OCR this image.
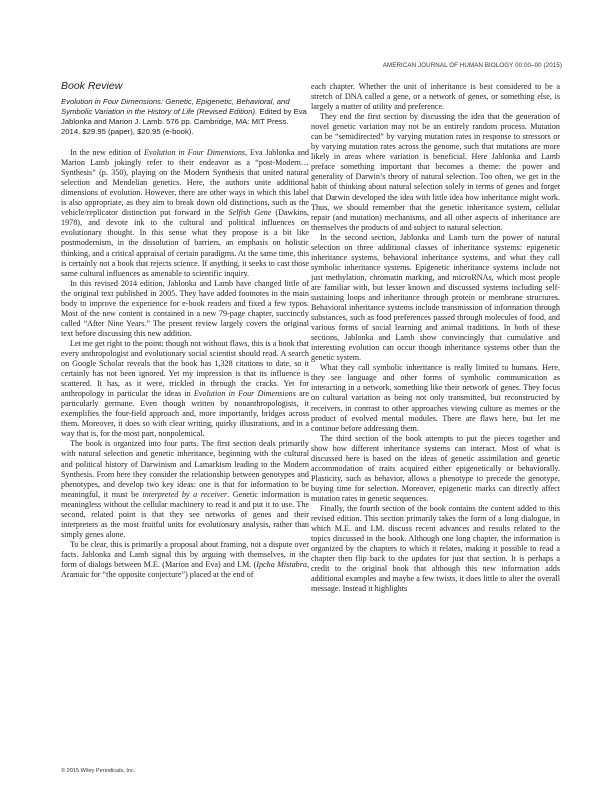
AMERICAN JOURNAL OF HUMAN BIOLOGY 00:00–00 (2015)
Book Review
Evolution in Four Dimensions: Genetic, Epigenetic, Behavioral, and Symbolic Variation in the History of Life (Revised Edition). Edited by Eva Jablonka and Marion J. Lamb. 576 pp. Cambridge, MA: MIT Press. 2014. $29.95 (paper), $20.95 (e-book).

In the new edition of Evolution in Four Dimensions, Eva Jablonka and Marion Lamb jokingly refer to their endeavor as a “post-Modern…Synthesis” (p. 350), playing on the Modern Synthesis that united natural selection and Mendelian genetics. Here, the authors unite additional dimensions of evolution. However, there are other ways in which this label is also appropriate, as they aim to break down old distinctions, such as the vehicle/replicator distinction put forward in the Selfish Gene (Dawkins, 1978), and devote ink to the cultural and political influences on evolutionary thought. In this sense what they propose is a bit like postmodernism, in the dissolution of barriers, an emphasis on holistic thinking, and a critical appraisal of certain paradigms. At the same time, this is certainly not a book that rejects science. If anything, it seeks to cast those same cultural influences as amenable to scientific inquiry.

In this revised 2014 edition, Jablonka and Lamb have changed little of the original text published in 2005. They have added footnotes in the main body to improve the experience for e-book readers and fixed a few typos. Most of the new content is contained in a new 79-page chapter, succinctly called “After Nine Years.” The present review largely covers the original text before discussing this new addition.

Let me get right to the point: though not without flaws, this is a book that every anthropologist and evolutionary social scientist should read. A search on Google Scholar reveals that the book has 1,328 citations to date, so it certainly has not been ignored. Yet my impression is that its influence is scattered. It has, as it were, trickled in through the cracks. Yet for anthropology in particular the ideas in Evolution in Four Dimensions are particularly germane. Even though written by nonanthropologists, it exemplifies the four-field approach and, more importantly, bridges across them. Moreover, it does so with clear writing, quirky illustrations, and in a way that is, for the most part, nonpolemical.

The book is organized into four parts. The first section deals primarily with natural selection and genetic inheritance, beginning with the cultural and political history of Darwinism and Lamarkism leading to the Modern Synthesis. From here they consider the relationship between genotypes and phenotypes, and develop two key ideas: one is that for information to be meaningful, it must be interpreted by a receiver. Genetic information is meaningless without the cellular machinery to read it and put it to use. The second, related point is that they see networks of genes and their interpreters as the most fruitful units for evolutionary analysis, rather than simply genes alone.

To be clear, this is primarily a proposal about framing, not a dispute over facts. Jablonka and Lamb signal this by arguing with themselves, in the form of dialogs between M.E. (Marion and Eva) and I.M. (Ipcha Mistabra, Aramaic for “the opposite conjecture”) placed at the end of

each chapter. Whether the unit of inheritance is best considered to be a stretch of DNA called a gene, or a network of genes, or something else, is largely a matter of utility and preference.

They end the first section by discussing the idea that the generation of novel genetic variation may not be an entirely random process. Mutation can be “semidirected” by varying mutation rates in response to stressors or by varying mutation rates across the genome, such that mutations are more likely in areas where variation is beneficial. Here Jablonka and Lamb preface something important that becomes a theme: the power and generality of Darwin’s theory of natural selection. Too often, we get in the habit of thinking about natural selection solely in terms of genes and forget that Darwin developed the idea with little idea how inheritance might work. Thus, we should remember that the genetic inheritance system, cellular repair (and mutation) mechanisms, and all other aspects of inheritance are themselves the products of and subject to natural selection.

In the second section, Jablonka and Lamb turn the power of natural selection on three additional classes of inheritance systems: epigenetic inheritance systems, behavioral inheritance systems, and what they call symbolic inheritance systems. Epigenetic inheritance systems include not just methylation, chromatin marking, and microRNAs, which most people are familiar with, but lesser known and discussed systems including self-sustaining loops and inheritance through protein or membrane structures. Behavioral inheritance systems include transmission of information through substances, such as food preferences passed through molecules of food, and various forms of social learning and animal traditions. In both of these sections, Jablonka and Lamb show convincingly that cumulative and interesting evolution can occur though inheritance systems other than the genetic system.

What they call symbolic inheritance is really limited to humans. Here, they see language and other forms of symbolic communication as interacting in a network, something like their network of genes. They focus on cultural variation as being not only transmitted, but reconstructed by receivers, in contrast to other approaches viewing culture as memes or the product of evolved mental modules. There are flaws here, but let me continue before addressing them.

The third section of the book attempts to put the pieces together and show how different inheritance systems can interact. Most of what is discussed here is based on the ideas of genetic assimilation and genetic accommodation of traits acquired either epigenetically or behaviorally. Plasticity, such as behavior, allows a phenotype to precede the genotype, buying time for selection. Moreover, epigenetic marks can directly affect mutation rates in genetic sequences.

Finally, the fourth section of the book contains the content added to this revised edition. This section primarily takes the form of a long dialogue, in which M.E. and I.M. discuss recent advances and results related to the topics discussed in the book. Although one long chapter, the information is organized by the chapters to which it relates, making it possible to read a chapter then flip back to the updates for just that section. It is perhaps a credit to the original book that although this new information adds additional examples and maybe a few twists, it does little to alter the overall message. Instead it highlights

© 2015 Wiley Periodicals, Inc.
